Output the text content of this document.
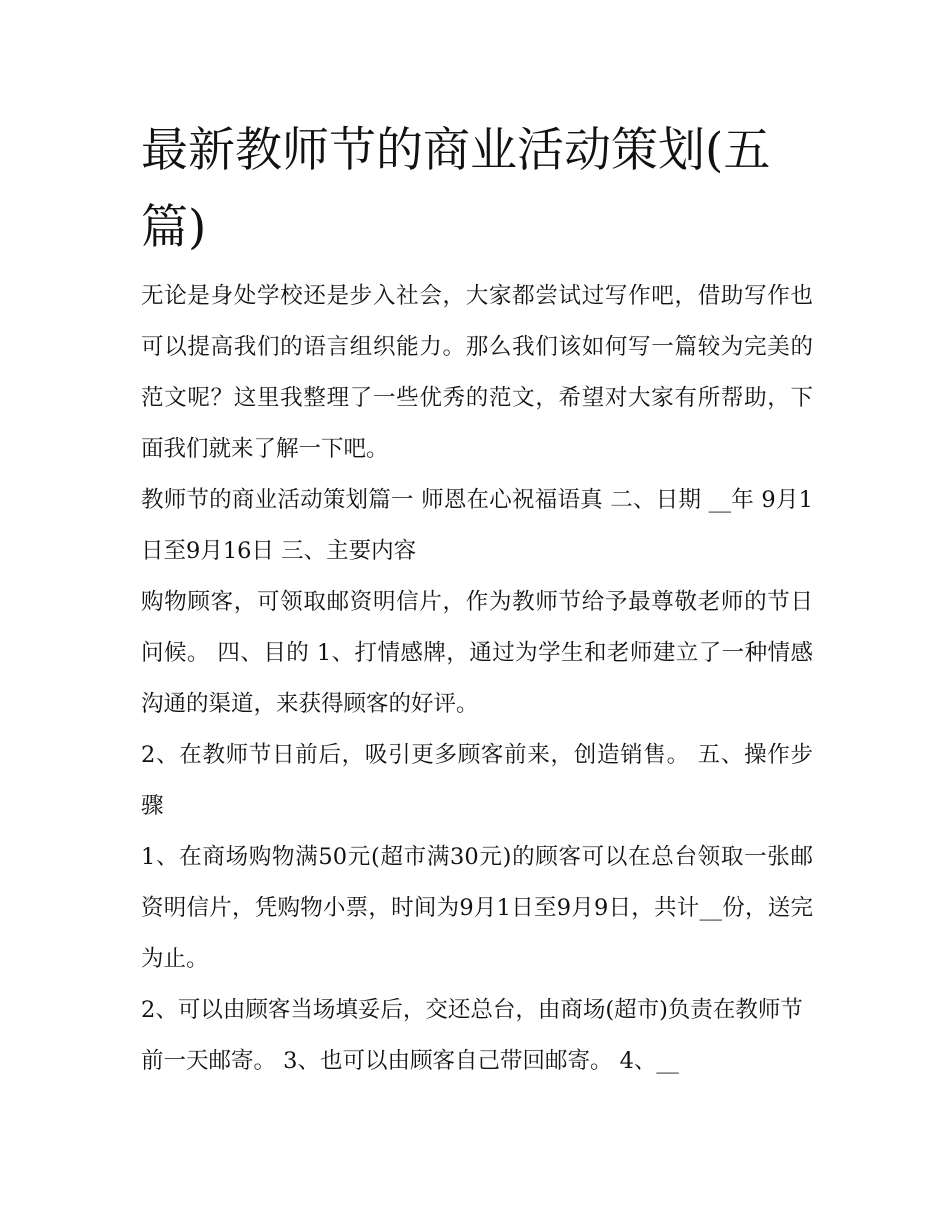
最新教师节的商业活动策划(五篇)

无论是身处学校还是步入社会，大家都尝试过写作吧，借助写作也可以提高我们的语言组织能力。那么我们该如何写一篇较为完美的范文呢？这里我整理了一些优秀的范文，希望对大家有所帮助，下面我们就来了解一下吧。

教师节的商业活动策划篇一 师恩在心祝福语真 二、日期 __年 9月1日至9月16日 三、主要内容

购物顾客，可领取邮资明信片，作为教师节给予最尊敬老师的节日问候。 四、目的 1、打情感牌，通过为学生和老师建立了一种情感沟通的渠道，来获得顾客的好评。

2、在教师节日前后，吸引更多顾客前来，创造销售。 五、操作步骤

1、在商场购物满50元(超市满30元)的顾客可以在总台领取一张邮资明信片，凭购物小票，时间为9月1日至9月9日，共计__份，送完为止。

2、可以由顾客当场填妥后，交还总台，由商场(超市)负责在教师节前一天邮寄。 3、也可以由顾客自己带回邮寄。 4、__
